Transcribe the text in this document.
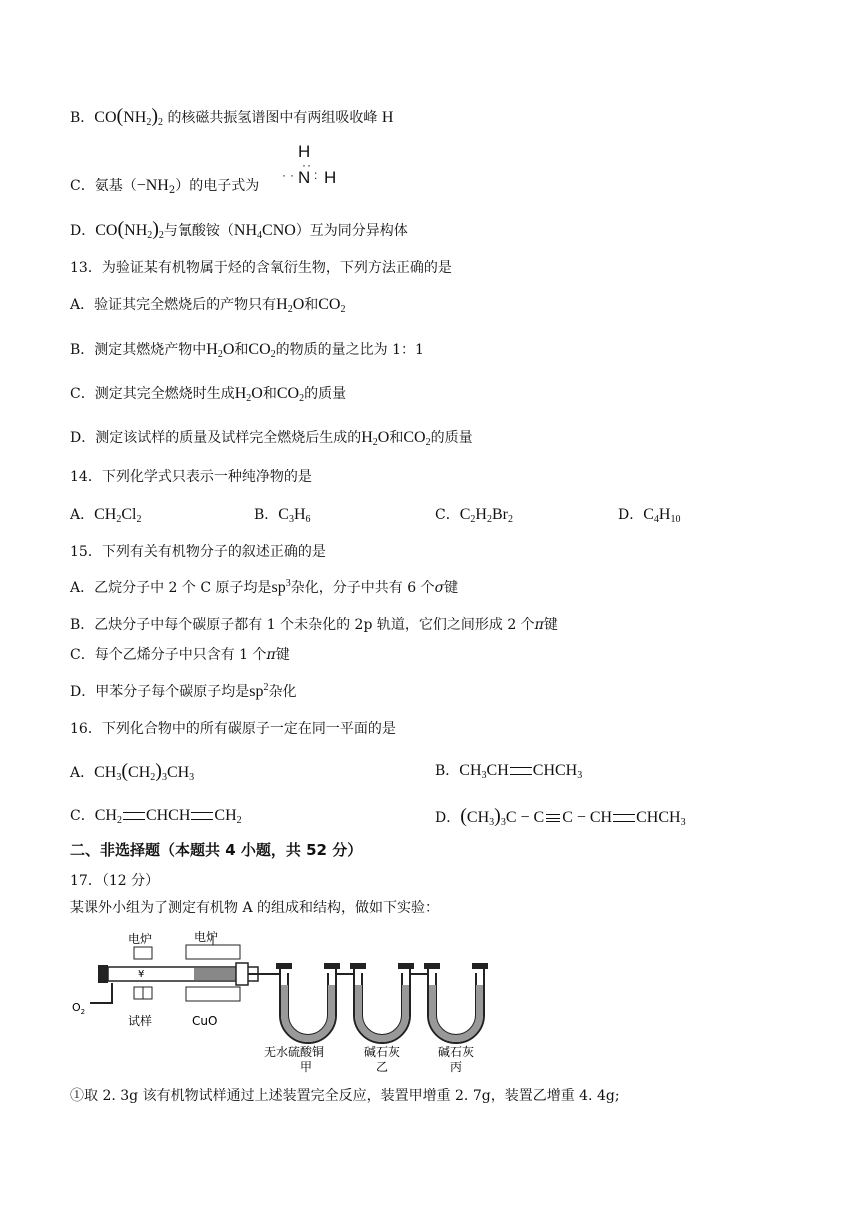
B．$CO(NH_2)_2$ 的核磁共振氢谱图中有两组吸收峰 H
C．氨基$(-NH_2)$的电子式为
H
··
· · N : H
D．$CO(NH_2)_2$与氰酸铵$(NH_4CNO)$互为同分异构体
13．为验证某有机物属于烃的含氧衍生物，下列方法正确的是
A．验证其完全燃烧后的产物只有$H_2O$和$CO_2$
B．测定其燃烧产物中$H_2O$和$CO_2$的物质的量之比为 1：1
C．测定其完全燃烧时生成$H_2O$和$CO_2$的质量
D．测定该试样的质量及试样完全燃烧后生成的$H_2O$和$CO_2$的质量
14．下列化学式只表示一种纯净物的是
A．$CH_2Cl_2$	B．$C_3H_6$	C．$C_2H_2Br_2$	D．$C_4H_{10}$
15．下列有关有机物分子的叙述正确的是
A．乙烷分子中 2 个 C 原子均是$sp^3$杂化，分子中共有 6 个σ键
B．乙炔分子中每个碳原子都有 1 个未杂化的 2p 轨道，它们之间形成 2 个π键
C．每个乙烯分子中只含有 1 个π键
D．甲苯分子每个碳原子均是$sp^2$杂化
16．下列化合物中的所有碳原子一定在同一平面的是
A．$CH_3(CH_2)_3CH_3$	B．$CH_3CH$ $CHCH_3$
C．$CH_2$ CHCH $CH_2$	D．$(CH_3)_3C - C$ C − CH $CHCH_3$
二、非选择题（本题共 4 小题，共 52 分）
17．（12 分）
某课外小组为了测定有机物 A 的组成和结构，做如下实验：
$O_2$
电炉
¥
电炉
试样	CuO
无水硫酸铜
甲
碱石灰
乙
碱石灰
丙
①取 2. 3g 该有机物试样通过上述装置完全反应，装置甲增重 2. 7g，装置乙增重 4. 4g;
